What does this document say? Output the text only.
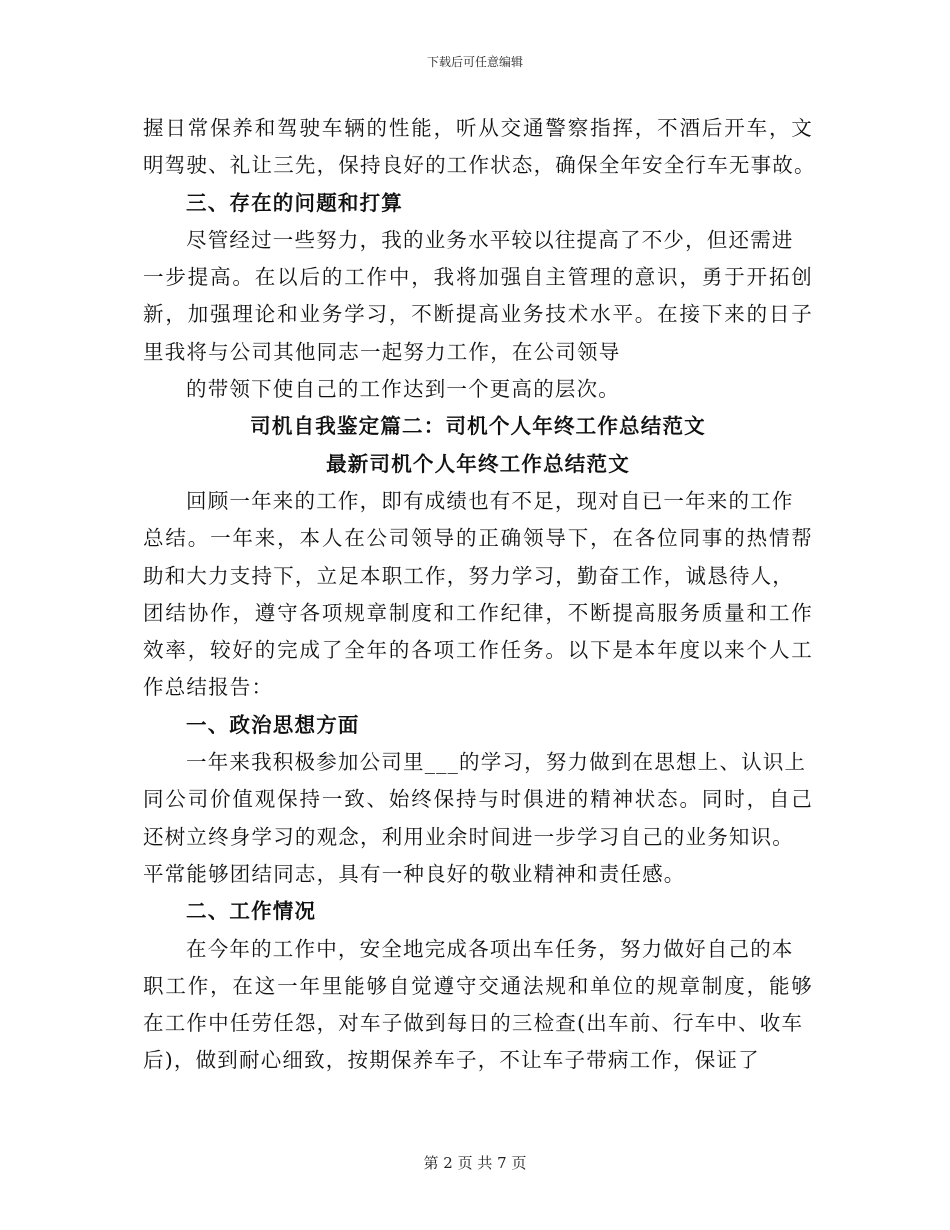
下载后可任意编辑
握日常保养和驾驶车辆的性能，听从交通警察指挥，不酒后开车，文
明驾驶、礼让三先，保持良好的工作状态，确保全年安全行车无事故。
三、存在的问题和打算
尽管经过一些努力，我的业务水平较以往提高了不少，但还需进
一步提高。在以后的工作中，我将加强自主管理的意识，勇于开拓创
新，加强理论和业务学习，不断提高业务技术水平。在接下来的日子
里我将与公司其他同志一起努力工作，在公司领导
的带领下使自己的工作达到一个更高的层次。
司机自我鉴定篇二：司机个人年终工作总结范文
最新司机个人年终工作总结范文
回顾一年来的工作，即有成绩也有不足，现对自已一年来的工作
总结。一年来，本人在公司领导的正确领导下，在各位同事的热情帮
助和大力支持下，立足本职工作，努力学习，勤奋工作，诚恳待人，
团结协作，遵守各项规章制度和工作纪律，不断提高服务质量和工作
效率，较好的完成了全年的各项工作任务。以下是本年度以来个人工
作总结报告：
一、政治思想方面
一年来我积极参加公司里___的学习，努力做到在思想上、认识上
同公司价值观保持一致、始终保持与时俱进的精神状态。同时，自己
还树立终身学习的观念，利用业余时间进一步学习自己的业务知识。
平常能够团结同志，具有一种良好的敬业精神和责任感。
二、工作情况
在今年的工作中，安全地完成各项出车任务，努力做好自己的本
职工作，在这一年里能够自觉遵守交通法规和单位的规章制度，能够
在工作中任劳任怨，对车子做到每日的三检查(出车前、行车中、收车
后)，做到耐心细致，按期保养车子，不让车子带病工作，保证了
第 2 页 共 7 页
